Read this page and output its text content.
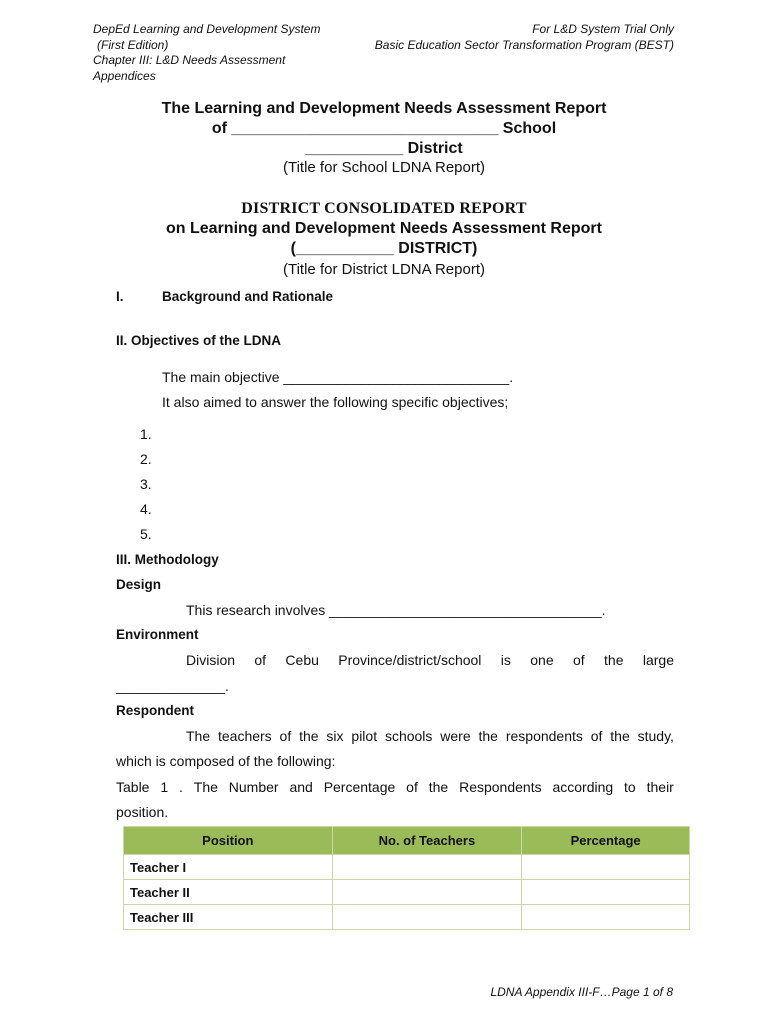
DepEd Learning and Development System
(First Edition)
Chapter III: L&D Needs Assessment
Appendices
For L&D System Trial Only
Basic Education Sector Transformation Program (BEST)
The Learning and Development Needs Assessment Report
of ______________________________ School
___________ District
(Title for School LDNA Report)
DISTRICT CONSOLIDATED REPORT
on Learning and Development Needs Assessment Report
(___________ DISTRICT)
(Title for District LDNA Report)
I.	Background and Rationale
II. Objectives of the LDNA
The main objective _____________________________.
It also aimed to answer the following specific objectives;
1.
2.
3.
4.
5.
III. Methodology
Design
This research involves ___________________________________.
Environment
Division of Cebu Province/district/school is one of the large
______________.
Respondent
The teachers of the six pilot schools were the respondents of the study,
which is composed of the following:
Table 1 . The Number and Percentage of the Respondents according to their
position.
Position	No. of Teachers	Percentage
Teacher I		
Teacher II		
Teacher III		
LDNA Appendix III-F…Page 1 of 8
